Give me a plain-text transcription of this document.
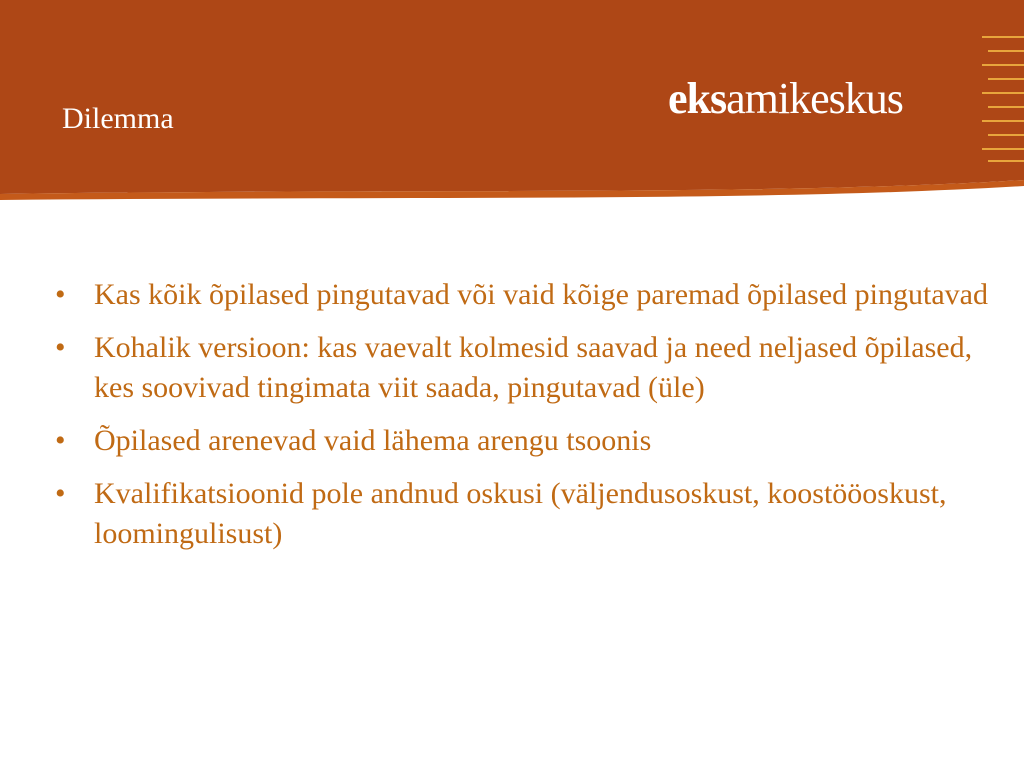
Dilemma	eksamikeskus
• Kas kõik õpilased pingutavad või vaid kõige paremad õpilased pingutavad
• Kohalik versioon: kas vaevalt kolmesid saavad ja need neljased õpilased, kes soovivad tingimata viit saada, pingutavad (üle)
• Õpilased arenevad vaid lähema arengu tsoonis
• Kvalifikatsioonid pole andnud oskusi (väljendusoskust, koostööoskust, loomingulisust)
